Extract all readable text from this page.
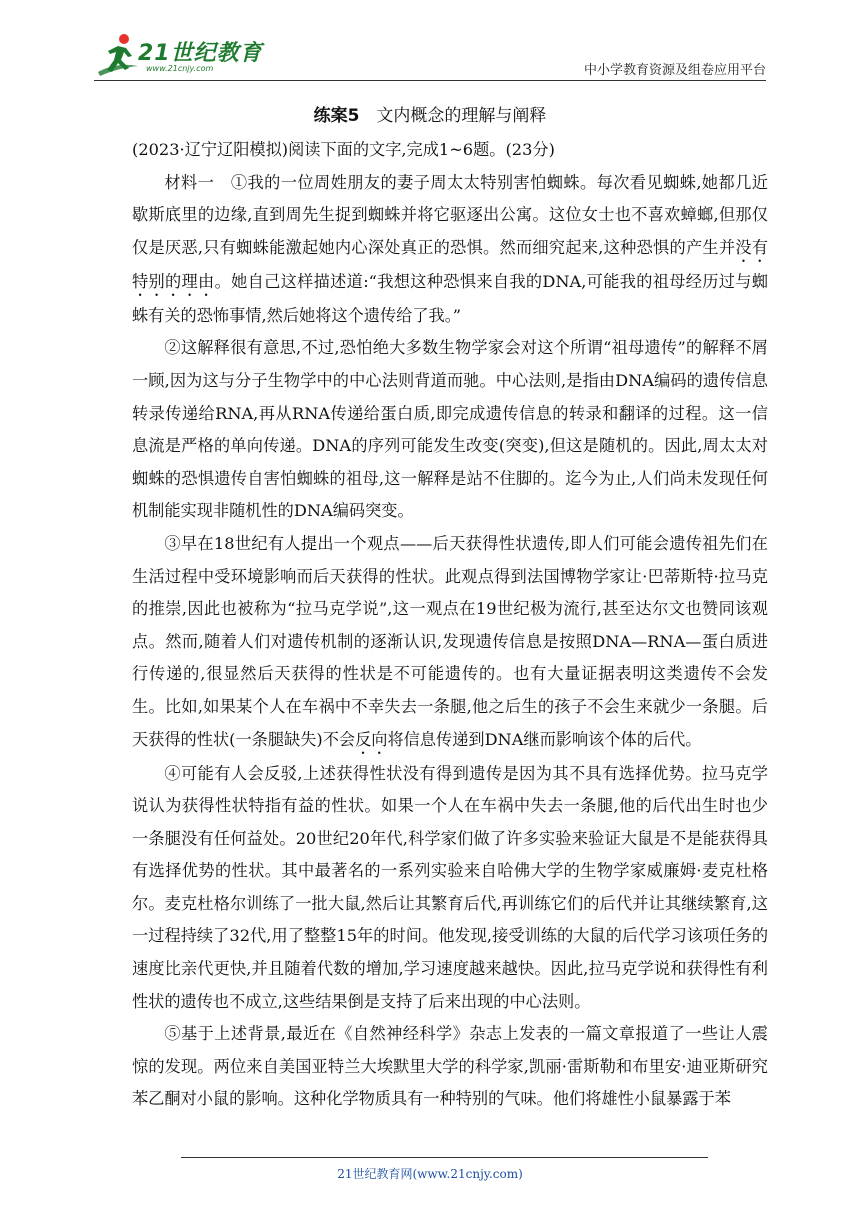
21世纪教育
www.21cnjy.com	中小学教育资源及组卷应用平台
练案5　 文内概念的理解与阐释

(2023·辽宁辽阳模拟)阅读下面的文字,完成1~6题。(23分)

材料一　①我的一位周姓朋友的妻子周太太特别害怕蜘蛛。每次看见蜘蛛,她都几近歇斯底里的边缘,直到周先生捉到蜘蛛并将它驱逐出公寓。这位女士也不喜欢蟑螂,但那仅仅是厌恶,只有蜘蛛能激起她内心深处真正的恐惧。然而细究起来,这种恐惧的产生并没有特别的理由。她自己这样描述道:“我想这种恐惧来自我的DNA,可能我的祖母经历过与蜘蛛有关的恐怖事情,然后她将这个遗传给了我。”

②这解释很有意思,不过,恐怕绝大多数生物学家会对这个所谓“祖母遗传”的解释不屑一顾,因为这与分子生物学中的中心法则背道而驰。中心法则,是指由DNA编码的遗传信息转录传递给RNA,再从RNA传递给蛋白质,即完成遗传信息的转录和翻译的过程。这一信息流是严格的单向传递。DNA的序列可能发生改变(突变),但这是随机的。因此,周太太对蜘蛛的恐惧遗传自害怕蜘蛛的祖母,这一解释是站不住脚的。迄今为止,人们尚未发现任何机制能实现非随机性的DNA编码突变。

③早在18世纪有人提出一个观点——后天获得性状遗传,即人们可能会遗传祖先们在生活过程中受环境影响而后天获得的性状。此观点得到法国博物学家让·巴蒂斯特·拉马克的推崇,因此也被称为“拉马克学说”,这一观点在19世纪极为流行,甚至达尔文也赞同该观点。然而,随着人们对遗传机制的逐渐认识,发现遗传信息是按照DNA—RNA—蛋白质进行传递的,很显然后天获得的性状是不可能遗传的。也有大量证据表明这类遗传不会发生。比如,如果某个人在车祸中不幸失去一条腿,他之后生的孩子不会生来就少一条腿。后天获得的性状(一条腿缺失)不会反向将信息传递到DNA继而影响该个体的后代。

④可能有人会反驳,上述获得性状没有得到遗传是因为其不具有选择优势。拉马克学说认为获得性状特指有益的性状。如果一个人在车祸中失去一条腿,他的后代出生时也少一条腿没有任何益处。20世纪20年代,科学家们做了许多实验来验证大鼠是不是能获得具有选择优势的性状。其中最著名的一系列实验来自哈佛大学的生物学家威廉姆·麦克杜格尔。麦克杜格尔训练了一批大鼠,然后让其繁育后代,再训练它们的后代并让其继续繁育,这一过程持续了32代,用了整整15年的时间。他发现,接受训练的大鼠的后代学习该项任务的速度比亲代更快,并且随着代数的增加,学习速度越来越快。因此,拉马克学说和获得性有利性状的遗传也不成立,这些结果倒是支持了后来出现的中心法则。

⑤基于上述背景,最近在《自然神经科学》杂志上发表的一篇文章报道了一些让人震惊的发现。两位来自美国亚特兰大埃默里大学的科学家,凯丽·雷斯勒和布里安·迪亚斯研究苯乙酮对小鼠的影响。这种化学物质具有一种特别的气味。他们将雄性小鼠暴露于苯

21世纪教育网(www.21cnjy.com)
